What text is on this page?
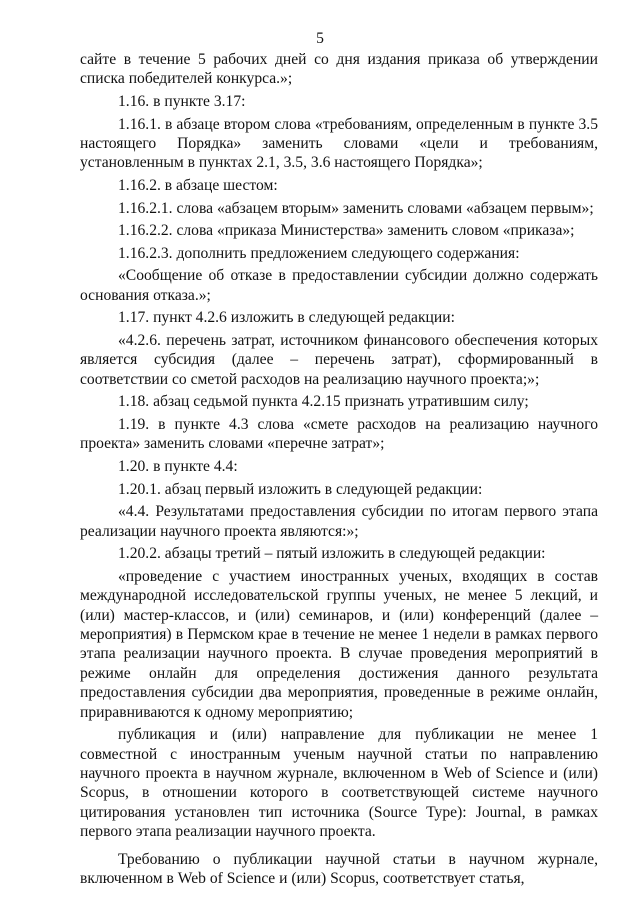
5

сайте в течение 5 рабочих дней со дня издания приказа об утверждении списка победителей конкурса.»;

1.16. в пункте 3.17:

1.16.1. в абзаце втором слова «требованиям, определенным в пункте 3.5 настоящего Порядка» заменить словами «цели и требованиям, установленным в пунктах 2.1, 3.5, 3.6 настоящего Порядка»;

1.16.2. в абзаце шестом:

1.16.2.1. слова «абзацем вторым» заменить словами «абзацем первым»;

1.16.2.2. слова «приказа Министерства» заменить словом «приказа»;

1.16.2.3. дополнить предложением следующего содержания:

«Сообщение об отказе в предоставлении субсидии должно содержать основания отказа.»;

1.17. пункт 4.2.6 изложить в следующей редакции:

«4.2.6. перечень затрат, источником финансового обеспечения которых является субсидия (далее – перечень затрат), сформированный в соответствии со сметой расходов на реализацию научного проекта;»;

1.18. абзац седьмой пункта 4.2.15 признать утратившим силу;

1.19. в пункте 4.3 слова «смете расходов на реализацию научного проекта» заменить словами «перечне затрат»;

1.20. в пункте 4.4:

1.20.1. абзац первый изложить в следующей редакции:

«4.4. Результатами предоставления субсидии по итогам первого этапа реализации научного проекта являются:»;

1.20.2. абзацы третий – пятый изложить в следующей редакции:

«проведение с участием иностранных ученых, входящих в состав международной исследовательской группы ученых, не менее 5 лекций, и (или) мастер-классов, и (или) семинаров, и (или) конференций (далее – мероприятия) в Пермском крае в течение не менее 1 недели в рамках первого этапа реализации научного проекта. В случае проведения мероприятий в режиме онлайн для определения достижения данного результата предоставления субсидии два мероприятия, проведенные в режиме онлайн, приравниваются к одному мероприятию;

публикация и (или) направление для публикации не менее 1 совместной с иностранным ученым научной статьи по направлению научного проекта в научном журнале, включенном в Web of Science и (или) Scopus, в отношении которого в соответствующей системе научного цитирования установлен тип источника (Source Type): Journal, в рамках первого этапа реализации научного проекта.

Требованию о публикации научной статьи в научном журнале, включенном в Web of Science и (или) Scopus, соответствует статья,
